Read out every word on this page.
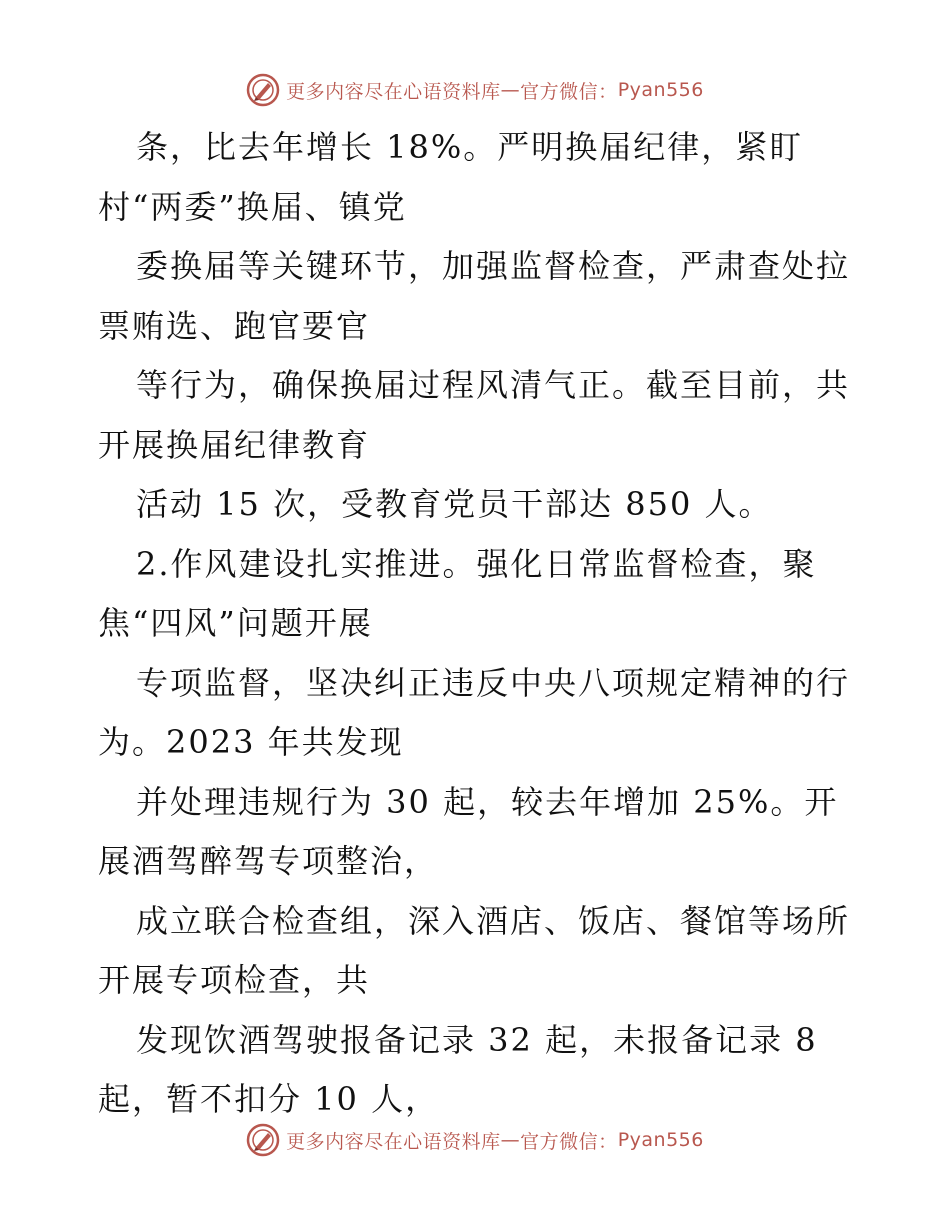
更多内容尽在心语资料库 — 官方微信： Pyan556
条，比去年增长 18%。严明换届纪律，紧盯
村“两委”换届、镇党
委换届等关键环节，加强监督检查，严肃查处拉
票贿选、跑官要官
等行为，确保换届过程风清气正。截至目前，共
开展换届纪律教育
活动 15 次，受教育党员干部达 850 人。
2.作风建设扎实推进。强化日常监督检查，聚
焦“四风”问题开展
专项监督，坚决纠正违反中央八项规定精神的行
为。2023 年共发现
并处理违规行为 30 起，较去年增加 25%。开
展酒驾醉驾专项整治，
成立联合检查组，深入酒店、饭店、餐馆等场所
开展专项检查，共
发现饮酒驾驶报备记录 32 起，未报备记录 8
起，暂不扣分 10 人，
更多内容尽在心语资料库 — 官方微信： Pyan556
